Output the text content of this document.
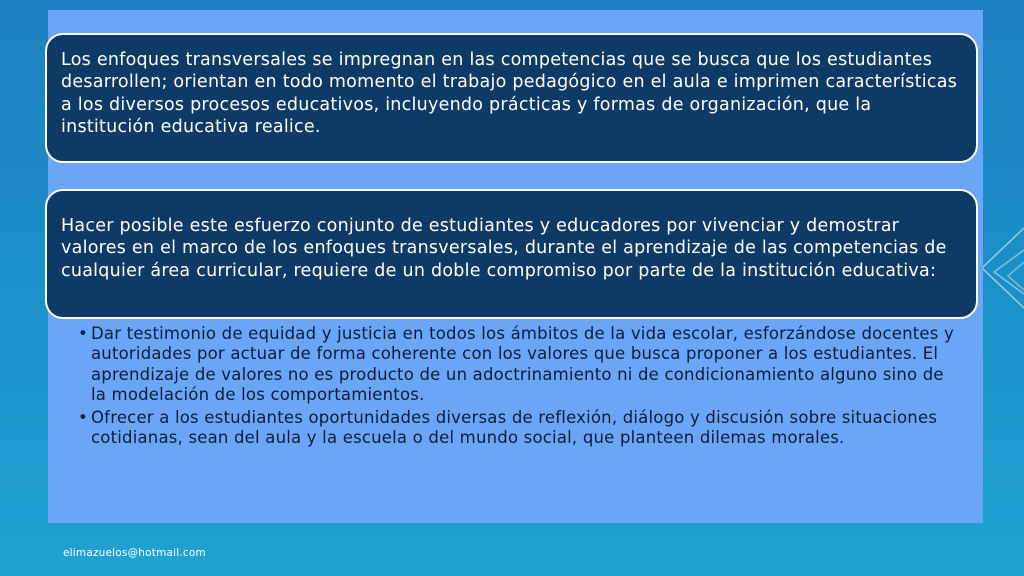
Los enfoques transversales se impregnan en las competencias que se busca que los estudiantes desarrollen; orientan en todo momento el trabajo pedagógico en el aula e imprimen características a los diversos procesos educativos, incluyendo prácticas y formas de organización, que la institución educativa realice.
Hacer posible este esfuerzo conjunto de estudiantes y educadores por vivenciar y demostrar valores en el marco de los enfoques transversales, durante el aprendizaje de las competencias de cualquier área curricular, requiere de un doble compromiso por parte de la institución educativa:
• Dar testimonio de equidad y justicia en todos los ámbitos de la vida escolar, esforzándose docentes y autoridades por actuar de forma coherente con los valores que busca proponer a los estudiantes. El aprendizaje de valores no es producto de un adoctrinamiento ni de condicionamiento alguno sino de la modelación de los comportamientos.
• Ofrecer a los estudiantes oportunidades diversas de reflexión, diálogo y discusión sobre situaciones cotidianas, sean del aula y la escuela o del mundo social, que planteen dilemas morales.
elimazuelos@hotmail.com
